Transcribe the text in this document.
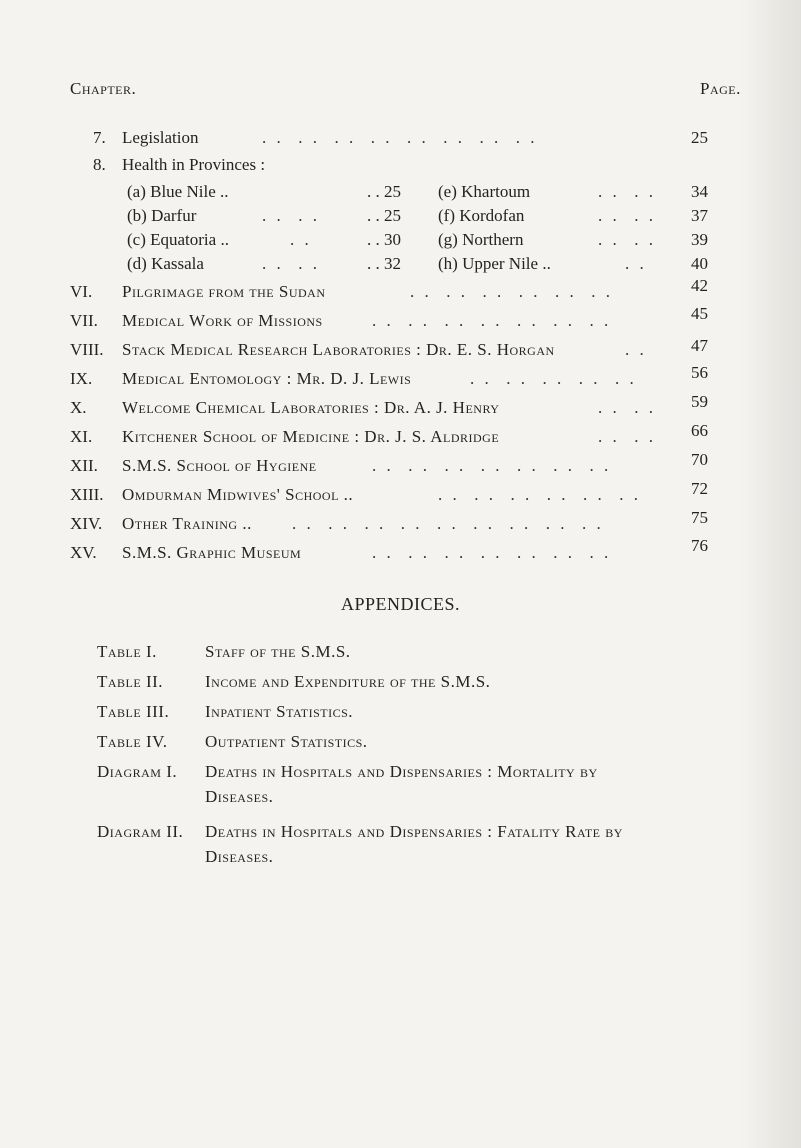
Chapter.	Page.
7. Legislation	. .  . .  . .  . .  . .  . .  . .  . .	25
8. Health in Provinces :
(a) Blue Nile ..	. . 25
(b) Darfur	. .  . .	. . 25
(c) Equatoria ..	. .	. . 30
(d) Kassala	. .  . .	. . 32
(e) Khartoum	. .  . .	34
(f) Kordofan	. .  . .	37
(g) Northern	. .  . .	39
(h) Upper Nile ..	. .	40
VI. Pilgrimage from the Sudan	. .  . .  . .  . .  . .  . .	42
VII. Medical Work of Missions	. .  . .  . .  . .  . .  . .  . .	45
VIII. Stack Medical Research Laboratories : Dr. E. S. Horgan	. .	47
IX. Medical Entomology : Mr. D. J. Lewis	. .  . .  . .  . .  . .	56
X. Welcome Chemical Laboratories : Dr. A. J. Henry	. .  . .	59
XI. Kitchener School of Medicine : Dr. J. S. Aldridge	. .  . .	66
XII. S.M.S. School of Hygiene	. .  . .  . .  . .  . .  . .  . .	70
XIII. Omdurman Midwives' School ..	. .  . .  . .  . .  . .  . .	72
XIV. Other Training .. . .  . .  . .  . .  . .  . .  . .  . .  . .	75
XV. S.M.S. Graphic Museum	. .  . .  . .  . .  . .  . .  . .	76
APPENDICES.
Table I.	Staff of the S.M.S.
Table II. Income and Expenditure of the S.M.S.
Table III. Inpatient Statistics.
Table IV. Outpatient Statistics.
Diagram I. Deaths in Hospitals and Dispensaries : Mortality by
Diseases.
Diagram II. Deaths in Hospitals and Dispensaries : Fatality Rate by
Diseases.
